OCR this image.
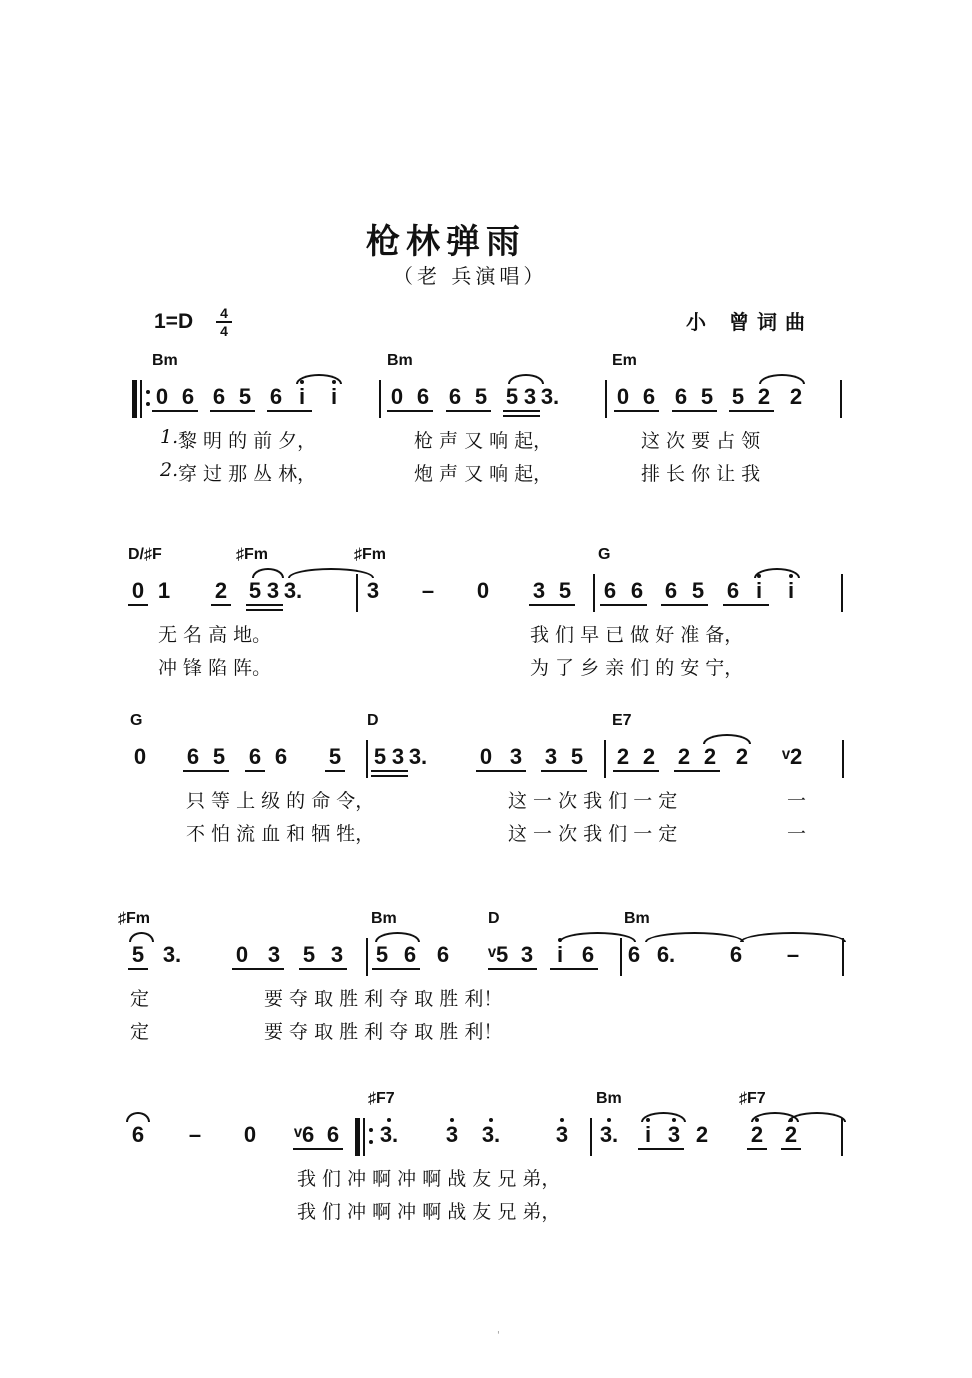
枪林弹雨
（老 兵演唱）
1=D	4
4	小 曾词曲
'
Bm	Bm	Em
0 6 6 5 6 i	i	0 6 6 5 5 3 3.	0 6 6 5 5 2 2
1. 黎 明 的 前 夕，	枪 声 又 响 起，	这 次 要 占 领
2. 穿 过 那 丛 林，	炮 声 又 响 起，	排 长 你 让 我
D/♯F	♯Fm	♯Fm	G
0 1 2 5 3 3.	3 – 0 3 5 6 6 6 5 6 i	i
无 名 高 地。	我 们 早 已 做 好 准 备，
冲 锋 陷 阵。	为 了 乡 亲 们 的 安 宁，
G	D	E7
0 6 5 6 6 5 5 3 3. 0 3 3 5 2 2 2 2 2 ᵛ2
只 等 上 级 的 命 令，	这 一 次 我 们 一 定	一
不 怕 流 血 和 牺 牲，	这 一 次 我 们 一 定	一
♯Fm	Bm	D	Bm
5 3. 0 3 5 3 5 6 6 ᵛ5 3	i 6 6 6. 6 –
定	要 夺 取 胜 利 夺 取 胜 利！
定	要 夺 取 胜 利 夺 取 胜 利！
♯F7	Bm	♯F7
6 – 0 ᵛ6 6 3. 3 3.	3 3.	i 3 2 2 2
我 们 冲 啊 冲 啊 战 友 兄 弟，
我 们 冲 啊 冲 啊 战 友 兄 弟，
